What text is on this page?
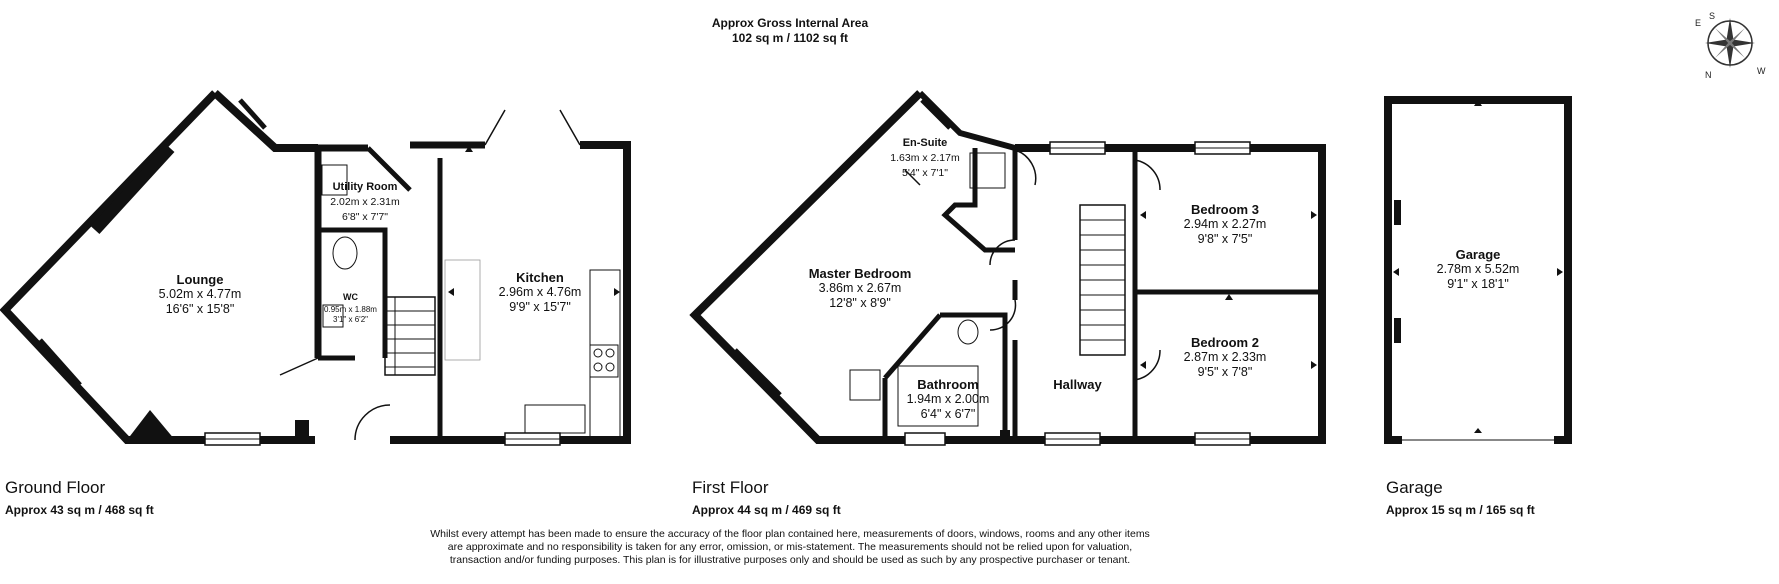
Approx Gross Internal Area
102 sq m / 1102 sq ft
S
W
N
E
Lounge
5.02m x 4.77m
16'6" x 15'8"
Utility Room
2.02m x 2.31m
6'8" x 7'7"
WC
0.95m x 1.88m
3'1" x 6'2"
Kitchen
2.96m x 4.76m
9'9" x 15'7"
En-Suite
1.63m x 2.17m
5'4" x 7'1"
Master Bedroom
3.86m x 2.67m
12'8" x 8'9"
Bathroom
1.94m x 2.00m
6'4" x 6'7"
Hallway
Bedroom 3
2.94m x 2.27m
9'8" x 7'5"
Bedroom 2
2.87m x 2.33m
9'5" x 7'8"
Garage
2.78m x 5.52m
9'1" x 18'1"
Ground Floor
Approx 43 sq m / 468 sq ft
First Floor
Approx 44 sq m / 469 sq ft
Garage
Approx 15 sq m / 165 sq ft
Whilst every attempt has been made to ensure the accuracy of the floor plan contained here, measurements of doors, windows, rooms and any other items are approximate and no responsibility is taken for any error, omission, or mis-statement. The measurements should not be relied upon for valuation, transaction and/or funding purposes. This plan is for illustrative purposes only and should be used as such by any prospective purchaser or tenant.
